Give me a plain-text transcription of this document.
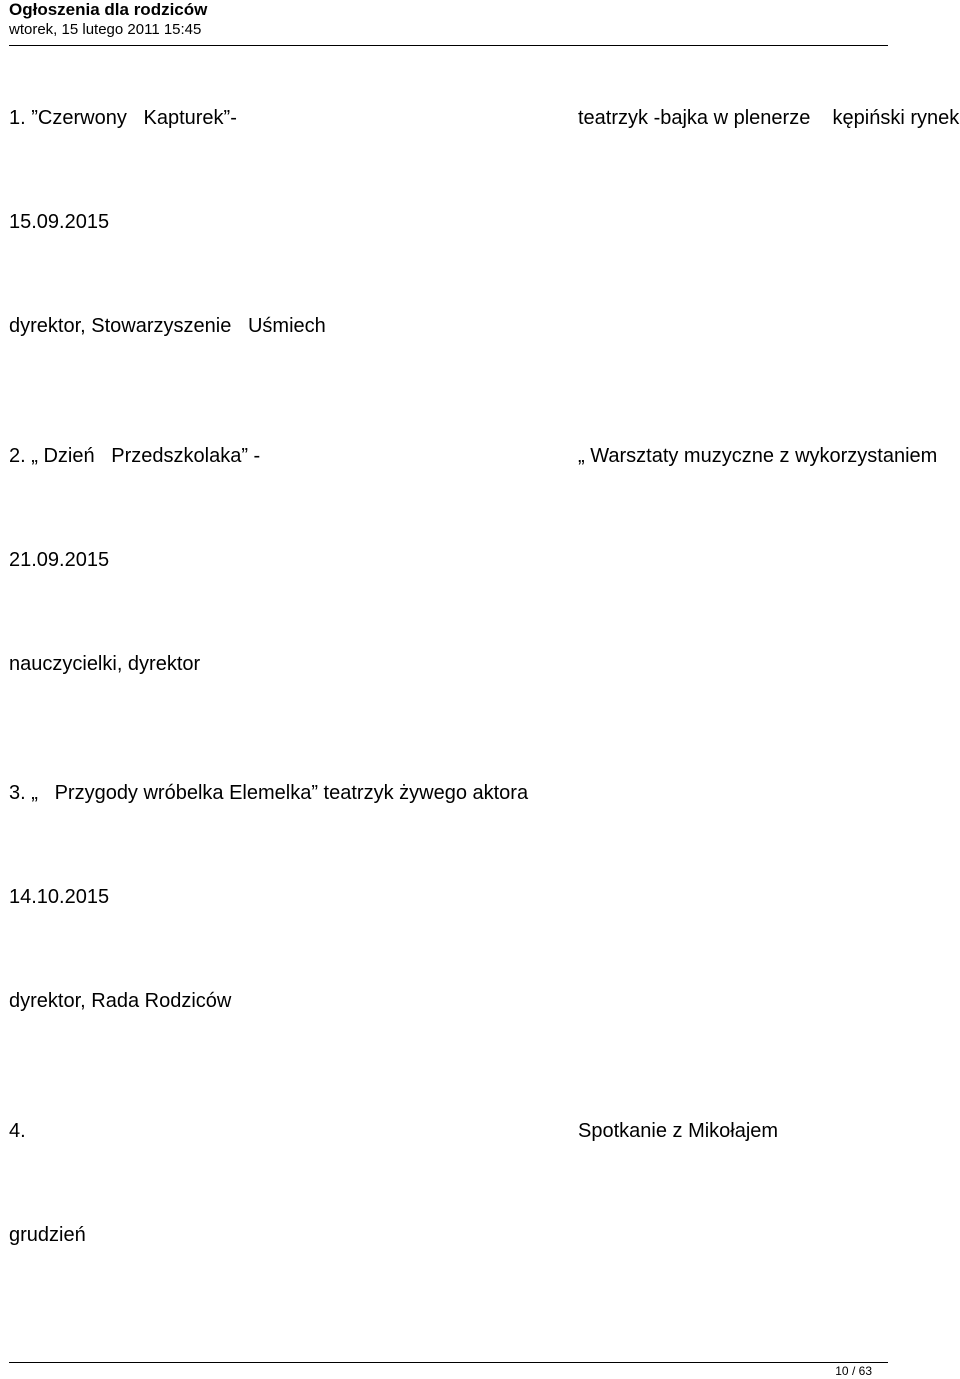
Ogłoszenia dla rodziców
wtorek, 15 lutego 2011 15:45
1. ”Czerwony   Kapturek”-	teatrzyk -bajka w plenerze    kępiński rynek
15.09.2015
dyrektor, Stowarzyszenie   Uśmiech
2. „ Dzień   Przedszkolaka” -	„ Warsztaty muzyczne z wykorzystaniem
21.09.2015
nauczycielki, dyrektor
3. „   Przygody wróbelka Elemelka” teatrzyk żywego aktora
14.10.2015
dyrektor, Rada Rodziców
4.	Spotkanie z Mikołajem
grudzień
10 / 63
